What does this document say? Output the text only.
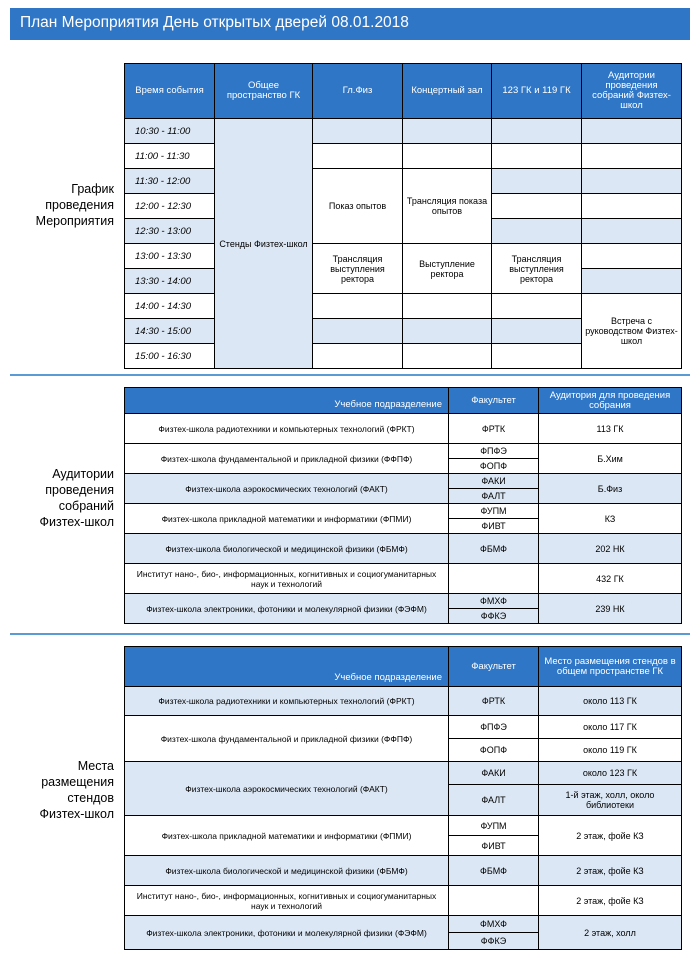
План Мероприятия День открытых дверей 08.01.2018
График
проведения
Мероприятия
Аудитории
проведения
собраний
Физтех-школ
Места
размещения
стендов
Физтех-школ
Время события	Общее пространство ГК	Гл.Физ	Концертный зал	123 ГК и 119 ГК	Аудитории проведения собраний Физтех-школ
10:30 - 11:00	Стенды Физтех-школ				
11:00 - 11:30					
11:30 - 12:00		Показ опытов	Трансляция показа опытов		
12:00 - 12:30					
12:30 - 13:00					
13:00 - 13:30		Трансляция выступления ректора	Выступление ректора	Трансляция выступления ректора	
13:30 - 14:00					
14:00 - 14:30					Встреча с руководством Физтех-школ
14:30 - 15:00					
15:00 - 16:30					
Учебное подразделение	Факультет	Аудитория для проведения собрания
Физтех-школа радиотехники и компьютерных технологий (ФРКТ)	ФРТК	113 ГК
Физтех-школа фундаментальной и прикладной физики (ФФПФ)	ФПФЭ	Б.Хим
	ФОПФ	
Физтех-школа аэрокосмических технологий (ФАКТ)	ФАКИ	Б.Физ
	ФАЛТ	
Физтех-школа прикладной математики и информатики (ФПМИ)	ФУПМ	КЗ
	ФИВТ	
Физтех-школа биологической и медицинской физики (ФБМФ)	ФБМФ	202 НК
Институт нано-, био-, информационных, когнитивных и социогуманитарных наук и технологий		432 ГК
Физтех-школа электроники, фотоники и молекулярной физики (ФЭФМ)	ФМХФ	239 НК
	ФФКЭ	
Учебное подразделение	Факультет	Место размещения стендов в общем пространстве ГК
Физтех-школа радиотехники и компьютерных технологий (ФРКТ)	ФРТК	около 113 ГК
Физтех-школа фундаментальной и прикладной физики (ФФПФ)	ФПФЭ	около 117 ГК
	ФОПФ	около 119 ГК
Физтех-школа аэрокосмических технологий (ФАКТ)	ФАКИ	около 123 ГК
	ФАЛТ	1-й этаж, холл, около библиотеки
Физтех-школа прикладной математики и информатики (ФПМИ)	ФУПМ	2 этаж, фойе КЗ
	ФИВТ	
Физтех-школа биологической и медицинской физики (ФБМФ)	ФБМФ	2 этаж, фойе КЗ
Институт нано-, био-, информационных, когнитивных и социогуманитарных наук и технологий		2 этаж, фойе КЗ
Физтех-школа электроники, фотоники и молекулярной физики (ФЭФМ)	ФМХФ	2 этаж, холл
	ФФКЭ	
